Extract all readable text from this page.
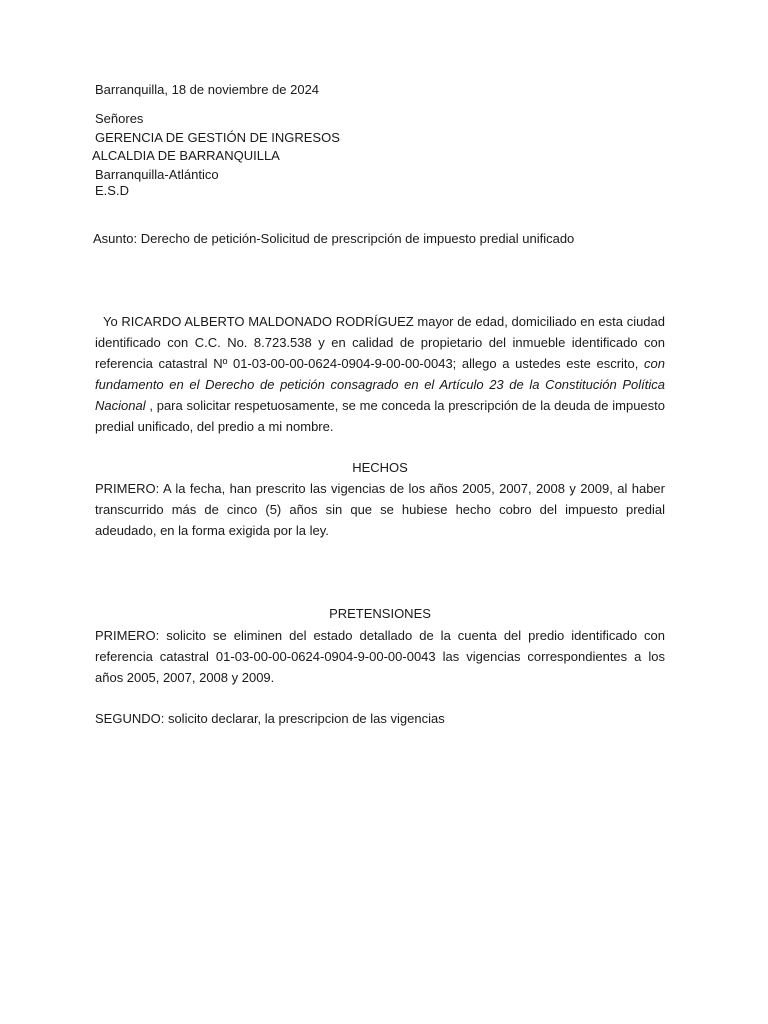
Barranquilla, 18 de noviembre de 2024
Señores
GERENCIA DE GESTIÓN DE INGRESOS
ALCALDIA DE BARRANQUILLA
Barranquilla-Atlántico
E.S.D
Asunto: Derecho de petición-Solicitud de prescripción de impuesto predial unificado
Yo RICARDO ALBERTO MALDONADO RODRÍGUEZ mayor de edad, domiciliado en esta ciudad identificado con C.C. No. 8.723.538 y en calidad de propietario del inmueble identificado con referencia catastral Nº 01-03-00-00-0624-0904-9-00-00-0043; allego a ustedes este escrito, con fundamento en el Derecho de petición consagrado en el Artículo 23 de la Constitución Política Nacional , para solicitar respetuosamente, se me conceda la prescripción de la deuda de impuesto predial unificado, del predio a mi nombre.
HECHOS
PRIMERO: A la fecha, han prescrito las vigencias de los años 2005, 2007, 2008 y 2009, al haber transcurrido más de cinco (5) años sin que se hubiese hecho cobro del impuesto predial adeudado, en la forma exigida por la ley.
PRETENSIONES
PRIMERO: solicito se eliminen del estado detallado de la cuenta del predio identificado con referencia catastral 01-03-00-00-0624-0904-9-00-00-0043 las vigencias correspondientes a los años 2005, 2007, 2008 y 2009.
SEGUNDO: solicito declarar, la prescripcion de las vigencias
